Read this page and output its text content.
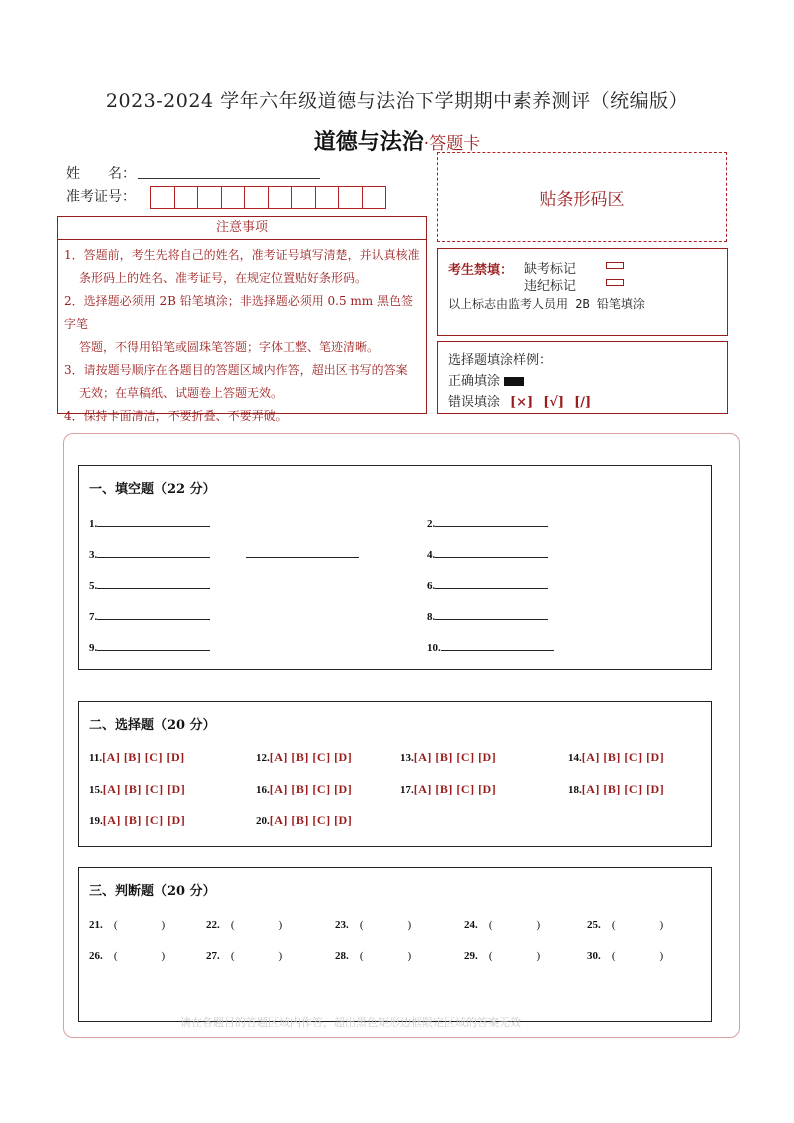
2023-2024 学年六年级道德与法治下学期期中素养测评（统编版）
道德与法治·答题卡
姓　　名：
准考证号：	贴条形码区
注意事项

1．答题前，考生先将自己的姓名，准考证号填写清楚，并认真核准

条形码上的姓名、准考证号，在规定位置贴好条形码。

2．选择题必须用 2B 铅笔填涂；非选择题必须用 0.5 mm 黑色签字笔

答题，不得用铅笔或圆珠笔答题；字体工整、笔迹清晰。

3．请按题号顺序在各题目的答题区域内作答，超出区书写的答案

无效；在草稿纸、试题卷上答题无效。

4．保持卡面清洁，不要折叠、不要弄破。

考生禁填： 缺考标记
违纪标记
以上标志由监考人员用 2B 铅笔填涂
选择题填涂样例：
正确填涂
错误填涂 [×] [√] [/]
一、填空题（22 分）
1.	2.
3.	4.
5.	6.
7.	8.
9.	10.
二、选择题（20 分）
11.[A] [B] [C] [D]	12.[A] [B] [C] [D]	13.[A] [B] [C] [D]	14.[A] [B] [C] [D]
15.[A] [B] [C] [D]	16.[A] [B] [C] [D]	17.[A] [B] [C] [D]	18.[A] [B] [C] [D]
19.[A] [B] [C] [D]	20.[A] [B] [C] [D]
三、判断题（20 分）
21. (	)	22. (	)	23. (	)	24. (	)	25. (	)
26. (	)	27. (	)	28. (	)	29. (	)	30. (	)
请在各题目的答题区域内作答，超出黑色矩形边框限定区域的答案无效
